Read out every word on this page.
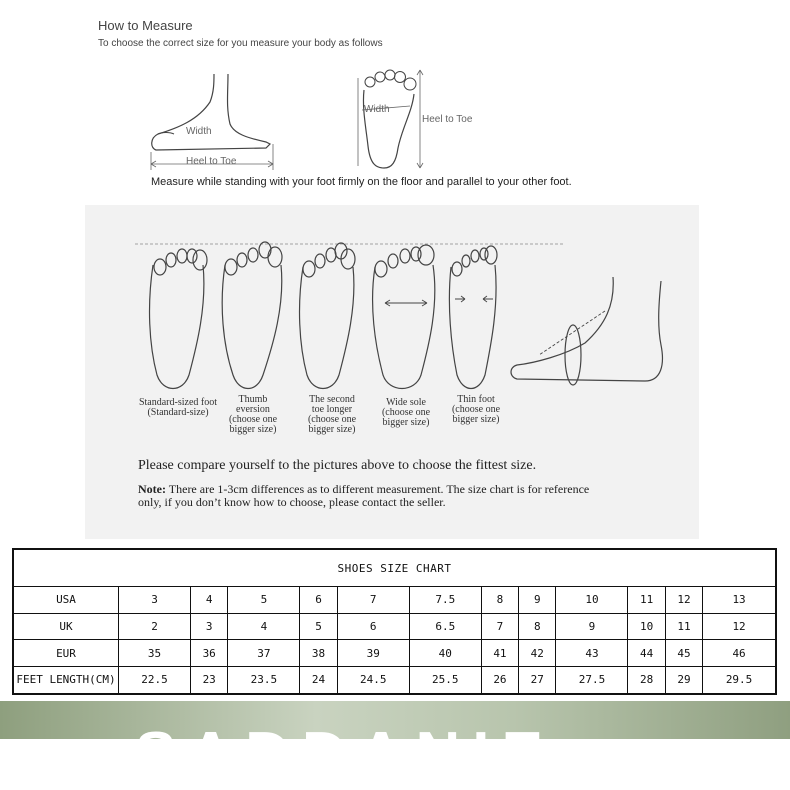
How to Measure
To choose the correct size for you measure your body as follows
Width
Heel to Toe
Width
Heel to Toe
Measure while standing with your foot firmly on the floor and parallel to your other foot.
Standard-sized foot
(Standard-size)
Thumb
eversion
(choose one
bigger size)
The second
toe longer
(choose one
bigger size)
Wide sole
(choose one
bigger size)
Thin foot
(choose one
bigger size)
Please compare yourself to the pictures above to choose the fittest size.
Note: There are 1-3cm differences as to different measurement. The size chart is for reference only, if you don’t know how to choose, please contact the seller.
SHOES SIZE CHART												
USA	3	4	5	6	7	7.5	8	9	10	11	12	13
UK	2	3	4	5	6	6.5	7	8	9	10	11	12
EUR	35	36	37	38	39	40	41	42	43	44	45	46
FEET LENGTH(CM)	22.5	23	23.5	24	24.5	25.5	26	27	27.5	28	29	29.5
SADDANIE
